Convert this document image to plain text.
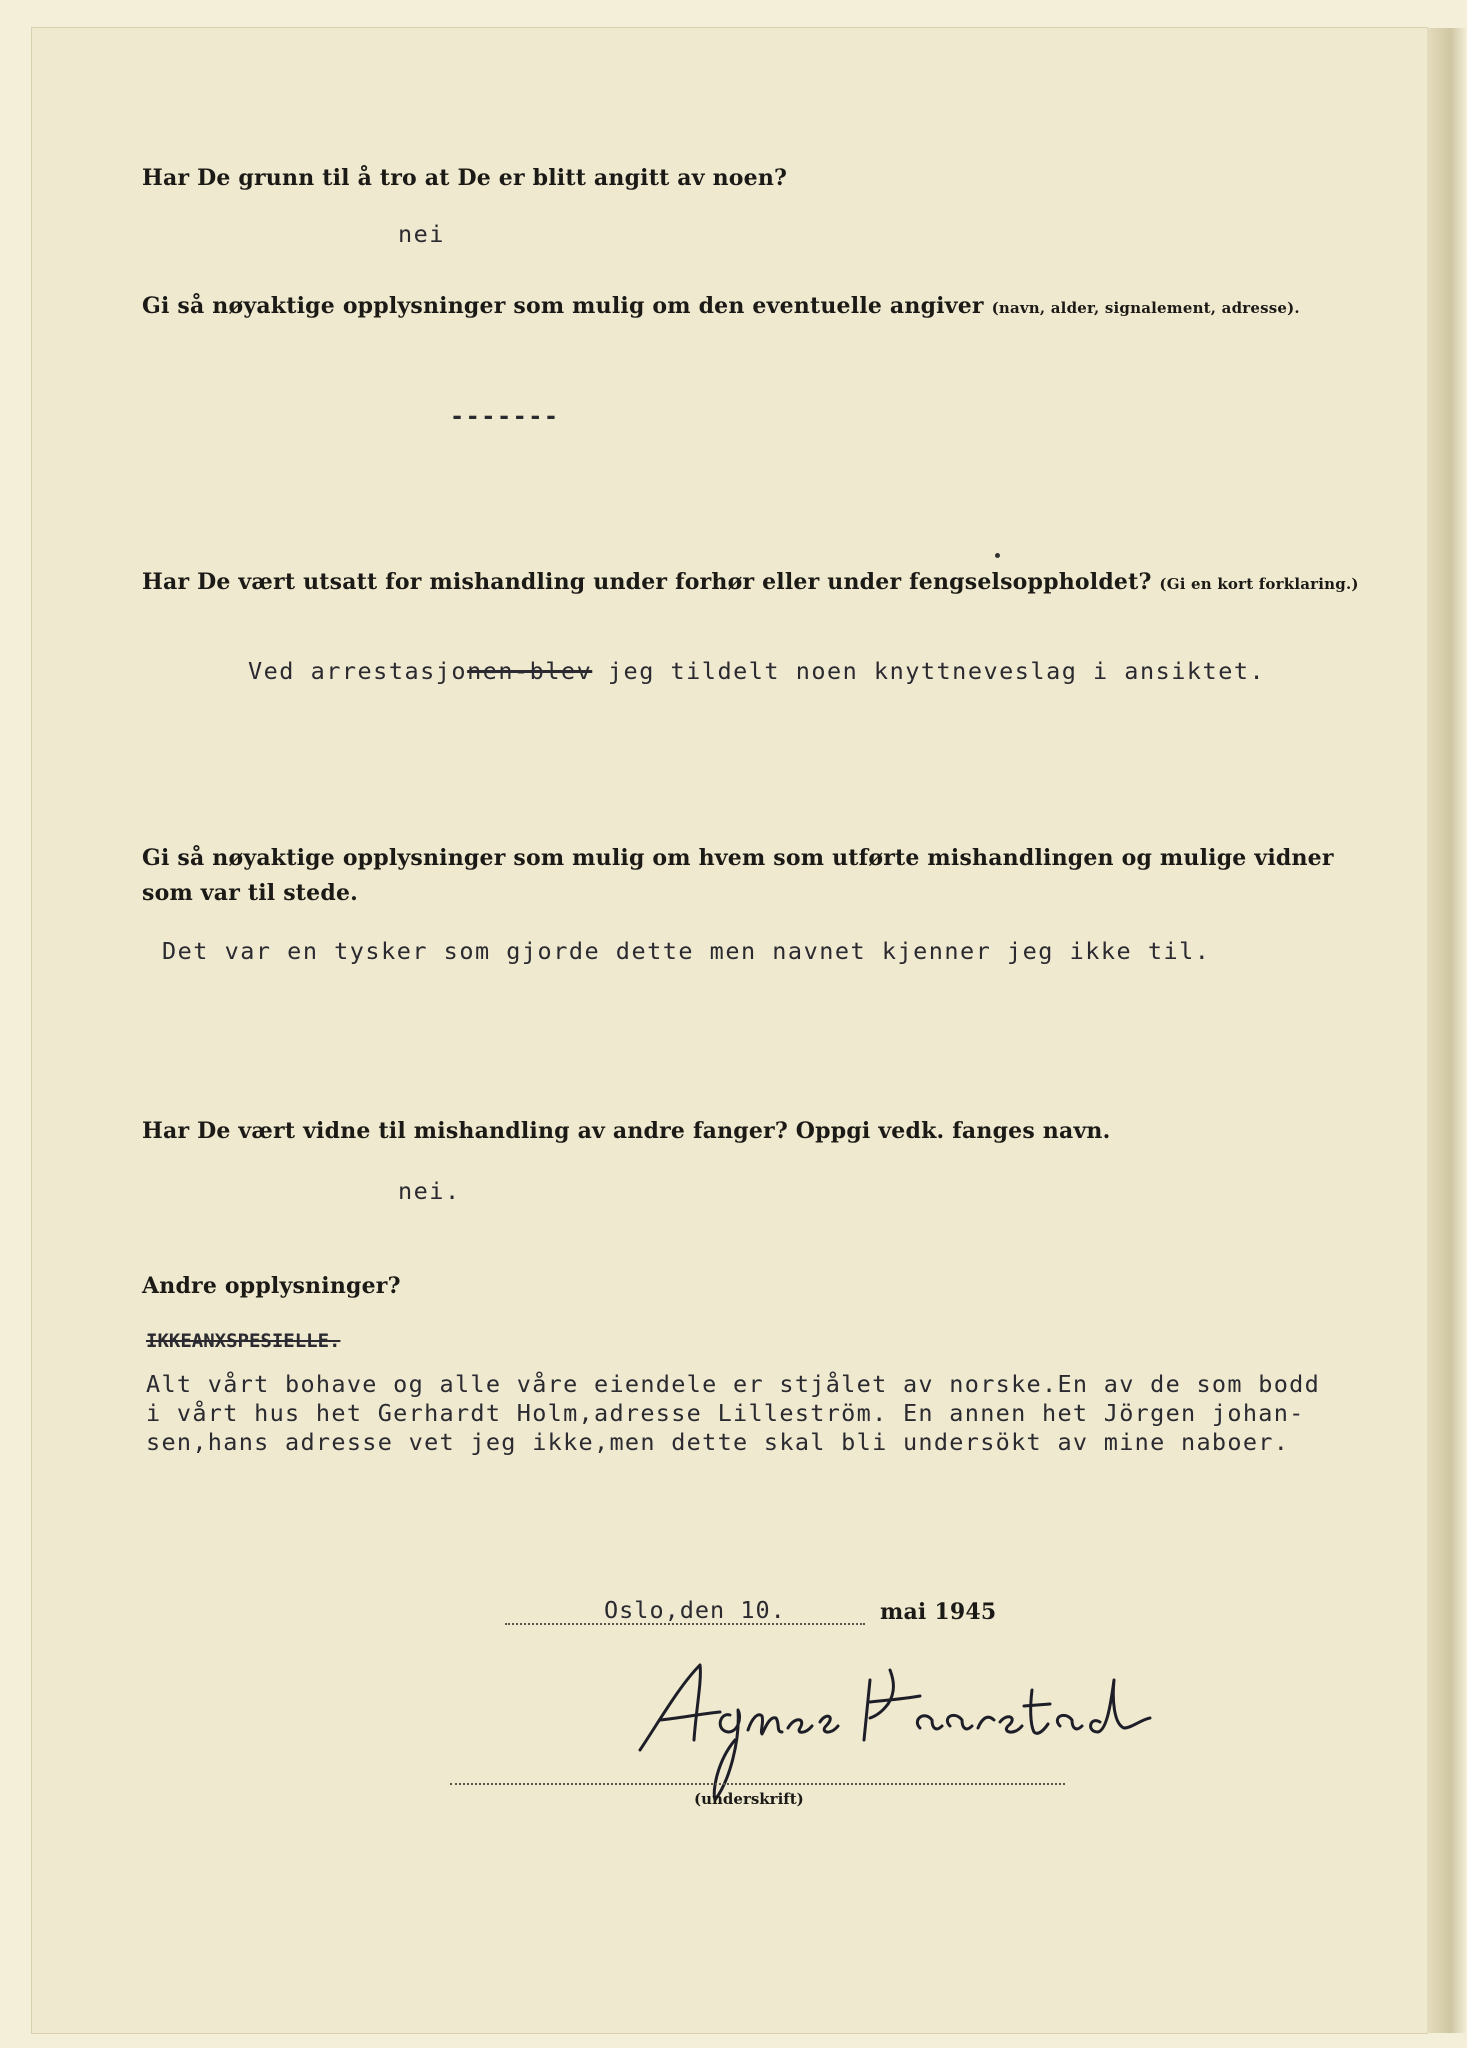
Har De grunn til å tro at De er blitt angitt av noen?
nei
Gi så nøyaktige opplysninger som mulig om den eventuelle angiver (navn, alder, signalement, adresse).
-------
Har De vært utsatt for mishandling under forhør eller under fengselsoppholdet? (Gi en kort forklaring.)
Ved arrestasjonen-blev jeg tildelt noen knyttneveslag i ansiktet.
Gi så nøyaktige opplysninger som mulig om hvem som utførte mishandlingen og mulige vidner
som var til stede.
Det var en tysker som gjorde dette men navnet kjenner jeg ikke til.
Har De vært vidne til mishandling av andre fanger? Oppgi vedk. fanges navn.
nei.
Andre opplysninger?
IKKEANXSPESIELLE.
Alt vårt bohave og alle våre eiendele er stjålet av norske.En av de som bodd
i vårt hus het Gerhardt Holm,adresse Lilleström. En annen het Jörgen johan-
sen,hans adresse vet jeg ikke,men dette skal bli undersökt av mine naboer.
Oslo,den 10.	mai 1945
(underskrift)
